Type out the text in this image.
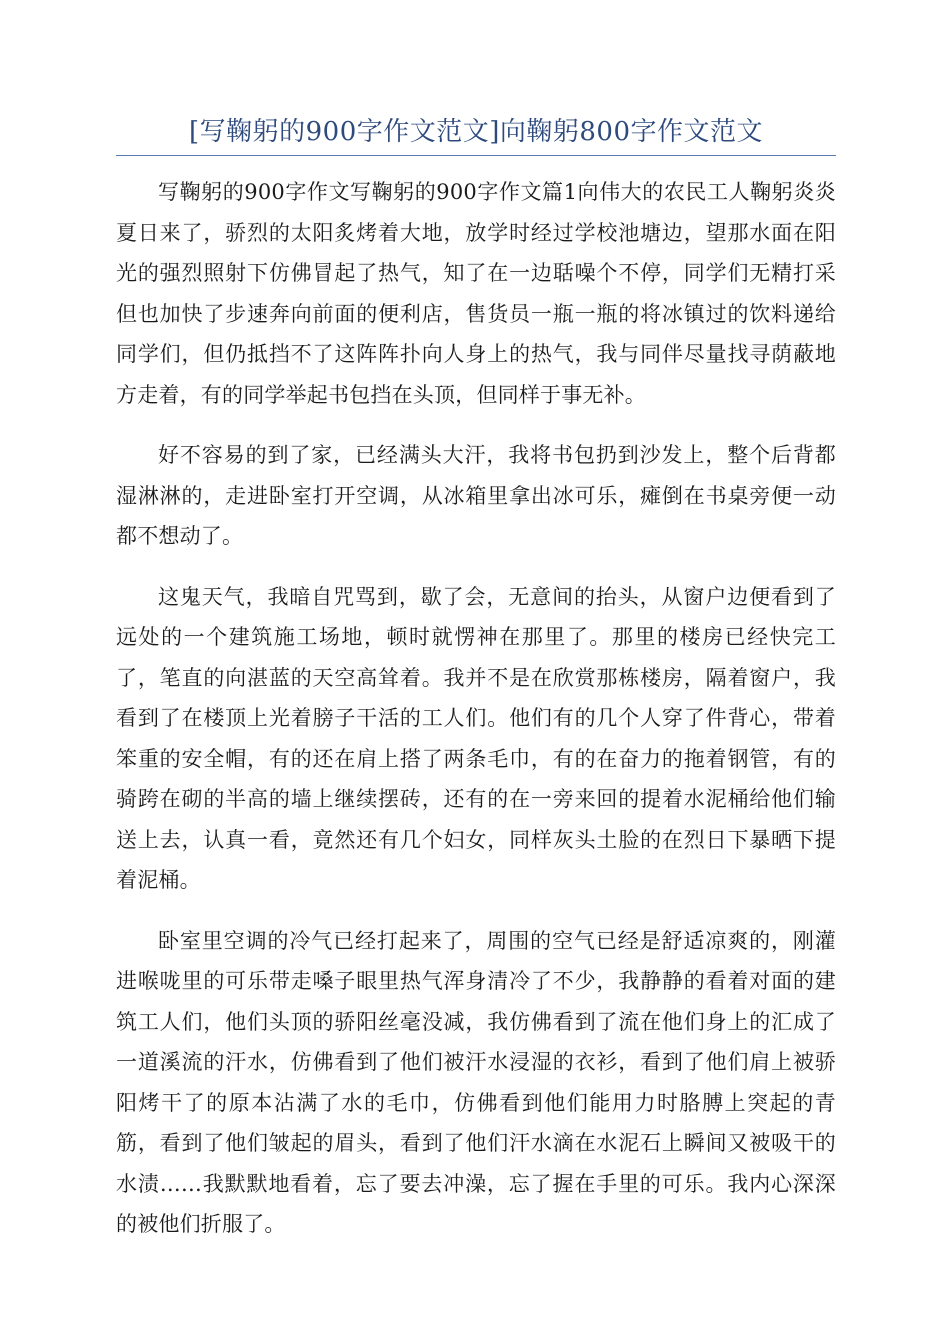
[写鞠躬的900字作文范文]向鞠躬800字作文范文

写鞠躬的900字作文写鞠躬的900字作文篇1向伟大的农民工人鞠躬炎炎夏日来了，骄烈的太阳炙烤着大地，放学时经过学校池塘边，望那水面在阳光的强烈照射下仿佛冒起了热气，知了在一边聒噪个不停，同学们无精打采但也加快了步速奔向前面的便利店，售货员一瓶一瓶的将冰镇过的饮料递给同学们，但仍抵挡不了这阵阵扑向人身上的热气，我与同伴尽量找寻荫蔽地方走着，有的同学举起书包挡在头顶，但同样于事无补。

好不容易的到了家，已经满头大汗，我将书包扔到沙发上，整个后背都湿淋淋的，走进卧室打开空调，从冰箱里拿出冰可乐，瘫倒在书桌旁便一动都不想动了。

这鬼天气，我暗自咒骂到，歇了会，无意间的抬头，从窗户边便看到了远处的一个建筑施工场地，顿时就愣神在那里了。那里的楼房已经快完工了，笔直的向湛蓝的天空高耸着。我并不是在欣赏那栋楼房，隔着窗户，我看到了在楼顶上光着膀子干活的工人们。他们有的几个人穿了件背心，带着笨重的安全帽，有的还在肩上搭了两条毛巾，有的在奋力的拖着钢管，有的骑跨在砌的半高的墙上继续摆砖，还有的在一旁来回的提着水泥桶给他们输送上去，认真一看，竟然还有几个妇女，同样灰头土脸的在烈日下暴晒下提着泥桶。

卧室里空调的冷气已经打起来了，周围的空气已经是舒适凉爽的，刚灌进喉咙里的可乐带走嗓子眼里热气浑身清冷了不少，我静静的看着对面的建筑工人们，他们头顶的骄阳丝毫没减，我仿佛看到了流在他们身上的汇成了一道溪流的汗水，仿佛看到了他们被汗水浸湿的衣衫，看到了他们肩上被骄阳烤干了的原本沾满了水的毛巾，仿佛看到他们能用力时胳膊上突起的青筋，看到了他们皱起的眉头，看到了他们汗水滴在水泥石上瞬间又被吸干的水渍……我默默地看着，忘了要去冲澡，忘了握在手里的可乐。我内心深深的被他们折服了。
